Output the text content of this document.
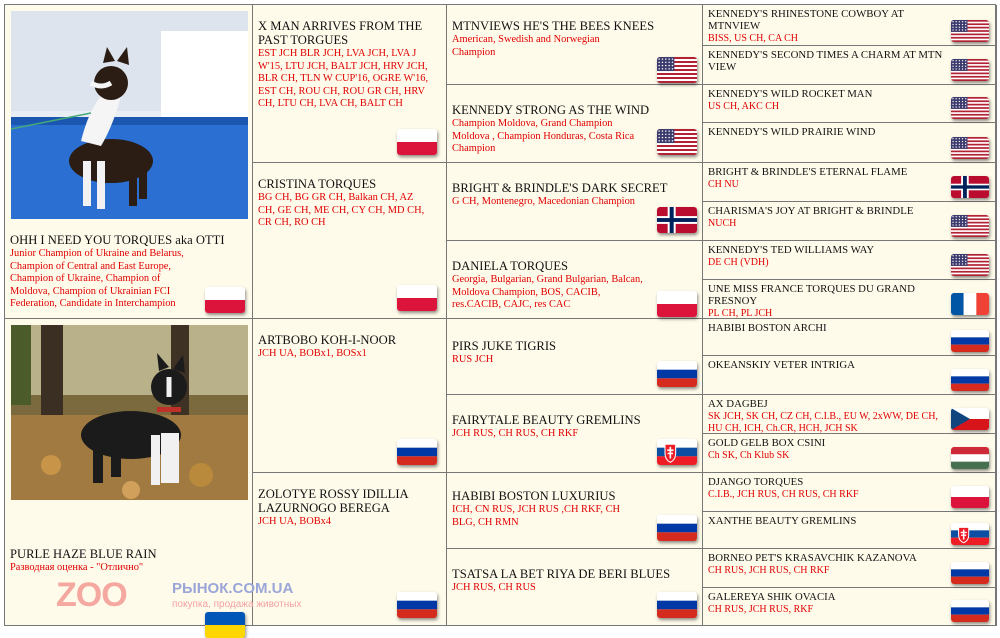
OHH I NEED YOU TORQUES aka OTTI
Junior Champion of Ukraine and Belarus, Champion of Central and East Europe, Champion of Ukraine, Champion of Moldova, Champion of Ukrainian FCI Federation, Candidate in Interchampion
PURLE HAZE BLUE RAIN
Разводная оценка - "Отлично"
X MAN ARRIVES FROM THE PAST TORGUES
EST JCH BLR JCH, LVA JCH, LVA J W'15, LTU JCH, BALT JCH, HRV JCH, BLR CH, TLN W CUP'16, OGRE W'16, EST CH, ROU CH, ROU GR CH, HRV CH, LTU CH, LVA CH, BALT CH
CRISTINA TORQUES
BG CH, BG GR CH, Balkan CH, AZ CH, GE CH, ME CH, CY CH, MD CH, CR CH, RO CH
ARTBOBO KOH-I-NOOR
JCH UA, BOBx1, BOSx1
ZOLOTYE ROSSY IDILLIA LAZURNOGO BEREGA
JCH UA, BOBx4
MTNVIEWS HE'S THE BEES KNEES
American, Swedish and Norwegian Champion
KENNEDY STRONG AS THE WIND
Champion Moldova, Grand Champion Moldova , Champion Honduras, Costa Rica Champion
BRIGHT & BRINDLE'S DARK SECRET
G CH, Montenegro, Macedonian Champion
DANIELA TORQUES
Georgia, Bulgarian, Grand Bulgarian, Balcan, Moldova Champion, BOS, CACIB, res.CACIB, CAJC, res CAC
PIRS JUKE TIGRIS
RUS JCH
FAIRYTALE BEAUTY GREMLINS
JCH RUS, CH RUS, CH RKF
HABIBI BOSTON LUXURIUS
ICH, CN RUS, JCH RUS ,CH RKF, CH BLG, CH RMN
TSATSA LA BET RIYA DE BERI BLUES
JCH RUS, CH RUS
KENNEDY'S RHINESTONE COWBOY AT MTNVIEW
BISS, US CH, CA CH
KENNEDY'S SECOND TIMES A CHARM AT MTN VIEW
KENNEDY'S WILD ROCKET MAN
US CH, AKC CH
KENNEDY'S WILD PRAIRIE WIND
BRIGHT & BRINDLE'S ETERNAL FLAME
CH NU
CHARISMA'S JOY AT BRIGHT & BRINDLE
NUCH
KENNEDY'S TED WILLIAMS WAY
DE CH (VDH)
UNE MISS FRANCE TORQUES DU GRAND FRESNOY
PL CH, PL JCH
HABIBI BOSTON ARCHI
OKEANSKIY VETER INTRIGA
AX DAGBEJ
SK JCH, SK CH, CZ CH, C.I.B., EU W, 2xWW, DE CH, HU CH, ICH, Ch.CR, HCH, JCH SK
GOLD GELB BOX CSINI
Ch SK, Ch Klub SK
DJANGO TORQUES
C.I.B., JCH RUS, CH RUS, CH RKF
XANTHE BEAUTY GREMLINS
BORNEO PET'S KRASAVCHIK KAZANOVA
CH RUS, JCH RUS, CH RKF
GALEREYA SHIK OVACIA
CH RUS, JCH RUS, RKF
ZOO	РЫНОК.COM.UA
покупка, продажа животных
